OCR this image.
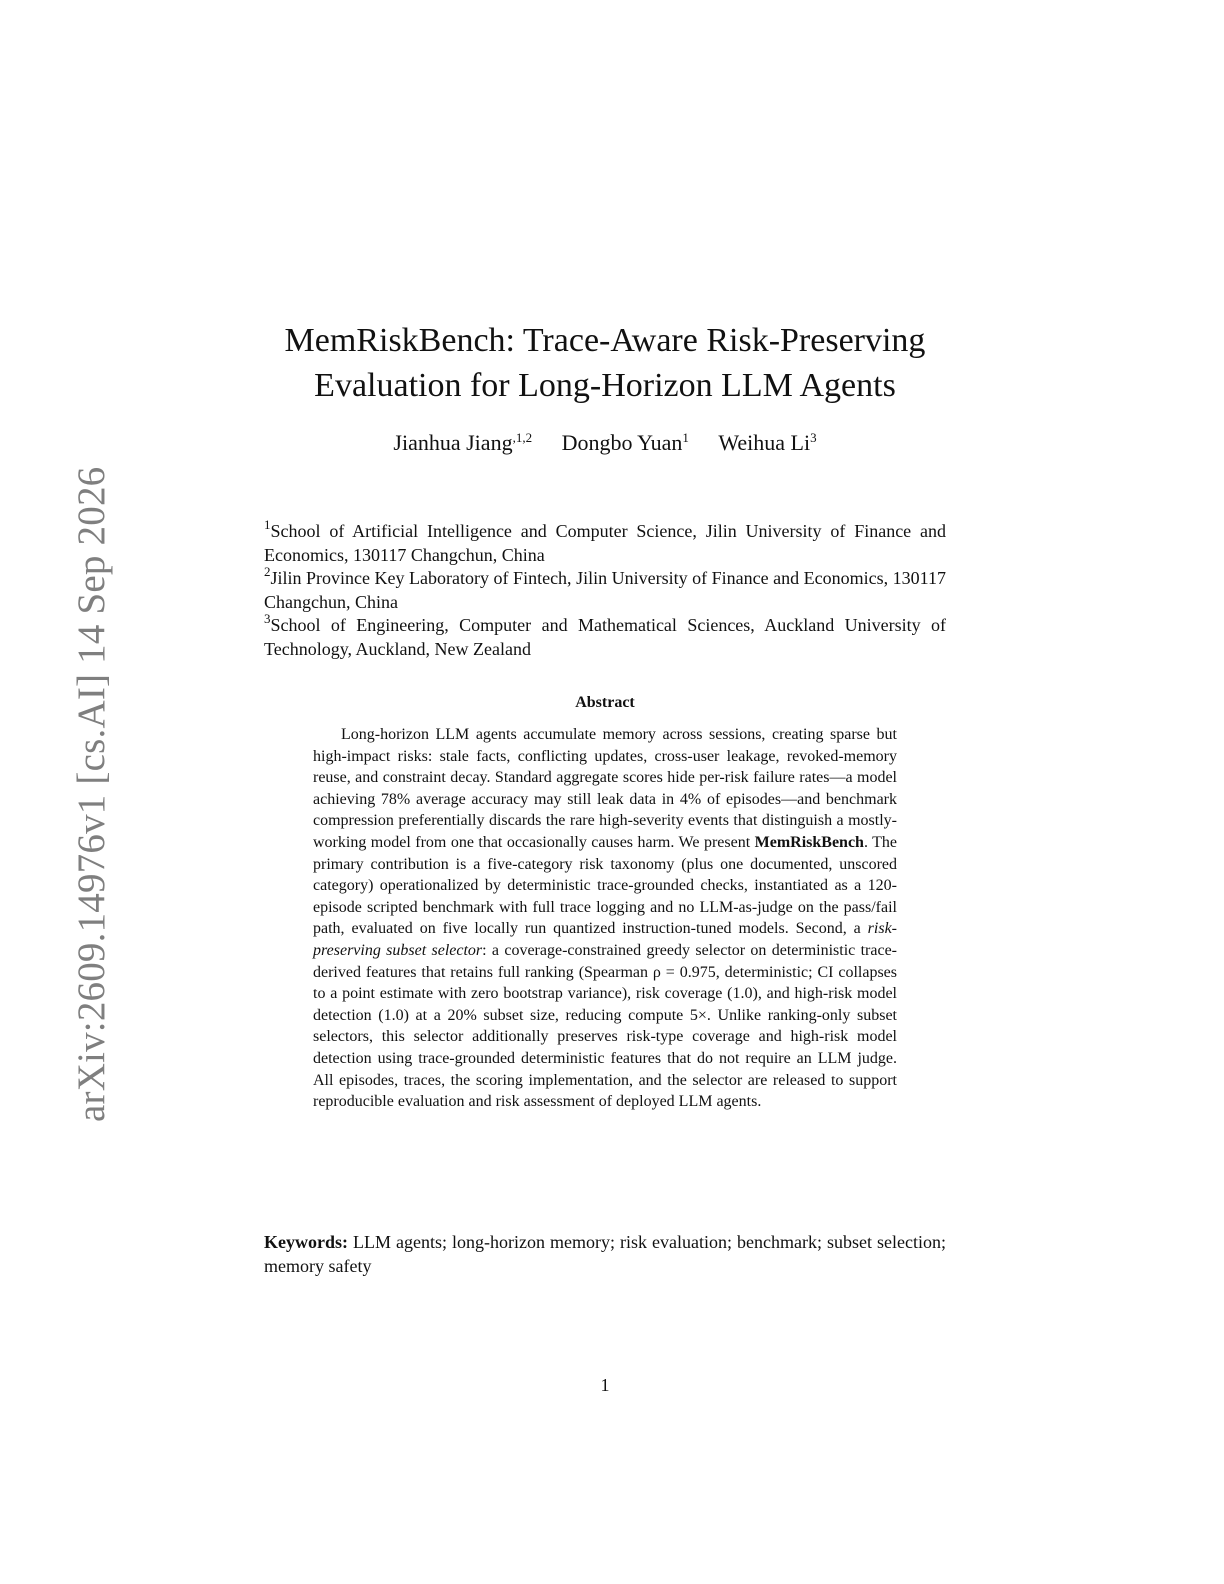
arXiv:2609.14976v1 [cs.AI] 14 Sep 2026
MemRiskBench: Trace-Aware Risk-Preserving
Evaluation for Long-Horizon LLM Agents
Jianhua Jiang$^{,1,2}$ Dongbo Yuan$^1$ Weihua Li$^3$

$^1$School of Artificial Intelligence and Computer Science, Jilin University of Finance and Economics, 130117 Changchun, China

$^2$Jilin Province Key Laboratory of Fintech, Jilin University of Finance and Economics, 130117 Changchun, China

$^3$School of Engineering, Computer and Mathematical Sciences, Auckland University of Technology, Auckland, New Zealand

Abstract

Long-horizon LLM agents accumulate memory across sessions, creating sparse but high-impact risks: stale facts, conflicting updates, cross-user leakage, revoked-memory reuse, and constraint decay. Standard aggregate scores hide per-risk failure rates—a model achieving 78% average accuracy may still leak data in 4% of episodes—and benchmark compression preferentially discards the rare high-severity events that distinguish a mostly-working model from one that occasionally causes harm. We present MemRiskBench. The primary contribution is a five-category risk taxonomy (plus one documented, unscored category) operationalized by deterministic trace-grounded checks, instantiated as a 120-episode scripted benchmark with full trace logging and no LLM-as-judge on the pass/fail path, evaluated on five locally run quantized instruction-tuned models. Second, a risk-preserving subset selector: a coverage-constrained greedy selector on deterministic trace-derived features that retains full ranking (Spearman ρ = 0.975, deterministic; CI collapses to a point estimate with zero bootstrap variance), risk coverage (1.0), and high-risk model detection (1.0) at a 20% subset size, reducing compute 5×. Unlike ranking-only subset selectors, this selector additionally preserves risk-type coverage and high-risk model detection using trace-grounded deterministic features that do not require an LLM judge. All episodes, traces, the scoring implementation, and the selector are released to support reproducible evaluation and risk assessment of deployed LLM agents.

Keywords: LLM agents; long-horizon memory; risk evaluation; benchmark; subset selection; memory safety

1
